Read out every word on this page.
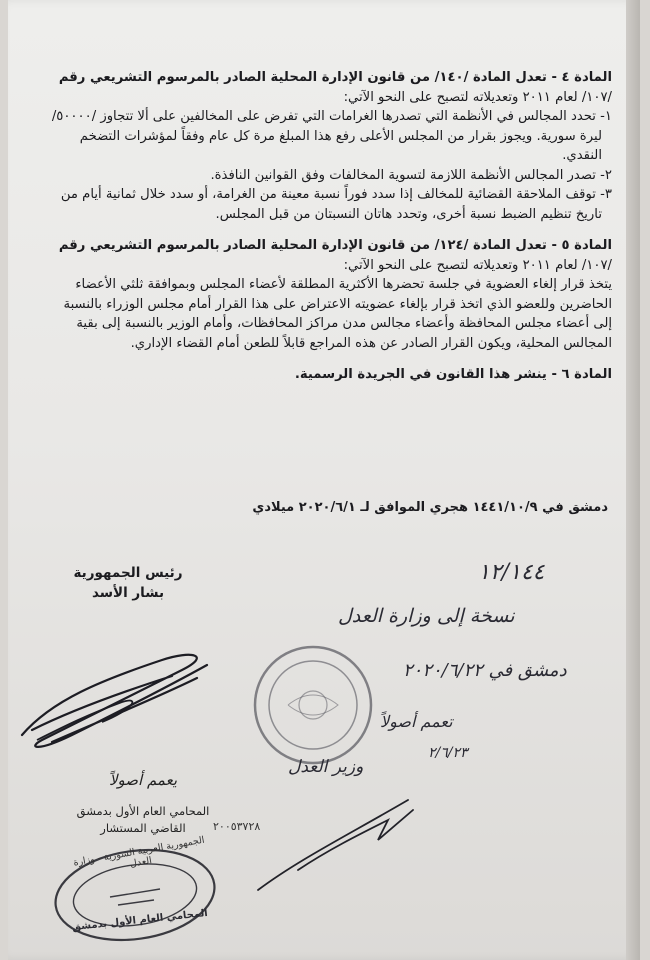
المادة ٤ - تعدل المادة /١٤٠/ من قانون الإدارة المحلية الصادر بالمرسوم التشريعي رقم
/١٠٧/ لعام ٢٠١١ وتعديلاته لتصبح على النحو الآتي:
١- تحدد المجالس في الأنظمة التي تصدرها الغرامات التي تفرض على المخالفين على ألا تتجاوز /٥٠٠٠٠/ ليرة سورية. ويجوز بقرار من المجلس الأعلى رفع هذا المبلغ مرة كل عام وفقاً لمؤشرات التضخم النقدي.
٢- تصدر المجالس الأنظمة اللازمة لتسوية المخالفات وفق القوانين النافذة.
٣- توقف الملاحقة القضائية للمخالف إذا سدد فوراً نسبة معينة من الغرامة، أو سدد خلال ثمانية أيام من تاريخ تنظيم الضبط نسبة أخرى، وتحدد هاتان النسبتان من قبل المجلس.
المادة ٥ - تعدل المادة /١٢٤/ من قانون الإدارة المحلية الصادر بالمرسوم التشريعي رقم
/١٠٧/ لعام ٢٠١١ وتعديلاته لتصبح على النحو الآتي:
يتخذ قرار إلغاء العضوية في جلسة تحضرها الأكثرية المطلقة لأعضاء المجلس وبموافقة ثلثي الأعضاء الحاضرين وللعضو الذي اتخذ قرار بإلغاء عضويته الاعتراض على هذا القرار أمام مجلس الوزراء بالنسبة إلى أعضاء مجلس المحافظة وأعضاء مجالس مدن مراكز المحافظات، وأمام الوزير بالنسبة إلى بقية المجالس المحلية، ويكون القرار الصادر عن هذه المراجع قابلاً للطعن أمام القضاء الإداري.
المادة ٦ - ينشر هذا القانون في الجريدة الرسمية.
دمشق في ١٤٤١/١٠/٩ هجري الموافق لـ ٢٠٢٠/٦/١ ميلادي
رئيس الجمهورية
بشار الأسد
١٢/١٤٤
نسخة إلى وزارة العدل
دمشق في ٢٠٢٠/٦/٢٢
تعمم أصولاً
٢/٦/٢٣
وزير العدل
يعمم أصولاً
المحامي العام الأول بدمشق
القاضي المستشار	٢٠٠٥٣٧٢٨
الجمهورية العربية السورية - وزارة العدل
المحامي العام الأول بدمشق
